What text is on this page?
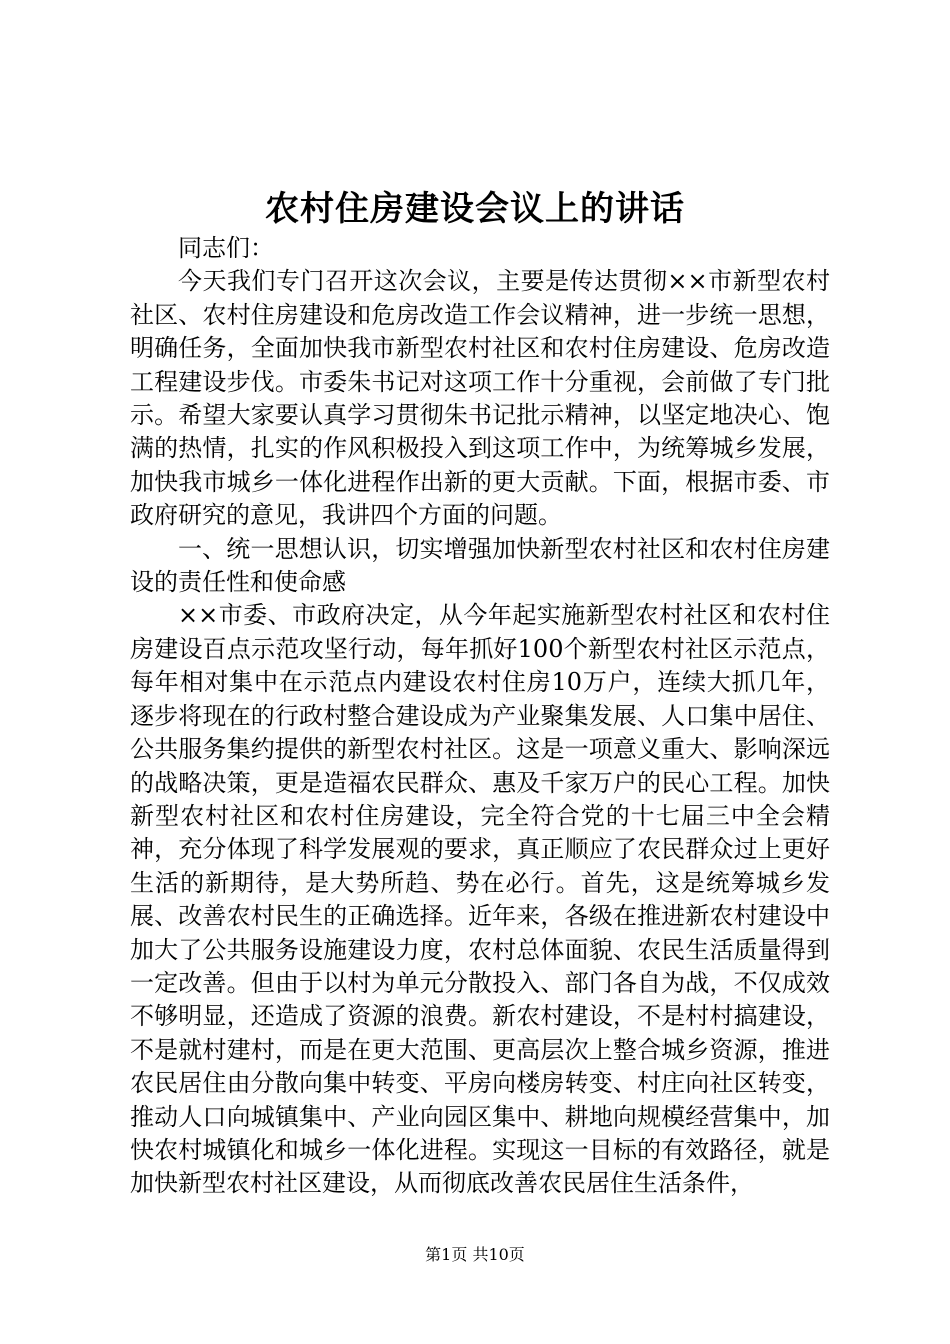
农村住房建设会议上的讲话

同志们：

今天我们专门召开这次会议，主要是传达贯彻××市新型农村社区、农村住房建设和危房改造工作会议精神，进一步统一思想，明确任务，全面加快我市新型农村社区和农村住房建设、危房改造工程建设步伐。市委朱书记对这项工作十分重视，会前做了专门批示。希望大家要认真学习贯彻朱书记批示精神，以坚定地决心、饱满的热情，扎实的作风积极投入到这项工作中，为统筹城乡发展，加快我市城乡一体化进程作出新的更大贡献。下面，根据市委、市政府研究的意见，我讲四个方面的问题。

一、统一思想认识，切实增强加快新型农村社区和农村住房建设的责任性和使命感

××市委、市政府决定，从今年起实施新型农村社区和农村住房建设百点示范攻坚行动，每年抓好100个新型农村社区示范点，每年相对集中在示范点内建设农村住房10万户，连续大抓几年，逐步将现在的行政村整合建设成为产业聚集发展、人口集中居住、公共服务集约提供的新型农村社区。这是一项意义重大、影响深远的战略决策，更是造福农民群众、惠及千家万户的民心工程。加快新型农村社区和农村住房建设，完全符合党的十七届三中全会精神，充分体现了科学发展观的要求，真正顺应了农民群众过上更好生活的新期待，是大势所趋、势在必行。首先，这是统筹城乡发展、改善农村民生的正确选择。近年来，各级在推进新农村建设中加大了公共服务设施建设力度，农村总体面貌、农民生活质量得到一定改善。但由于以村为单元分散投入、部门各自为战，不仅成效不够明显，还造成了资源的浪费。新农村建设，不是村村搞建设，不是就村建村，而是在更大范围、更高层次上整合城乡资源，推进农民居住由分散向集中转变、平房向楼房转变、村庄向社区转变，推动人口向城镇集中、产业向园区集中、耕地向规模经营集中，加快农村城镇化和城乡一体化进程。实现这一目标的有效路径，就是加快新型农村社区建设，从而彻底改善农民居住生活条件，

第1页 共10页
